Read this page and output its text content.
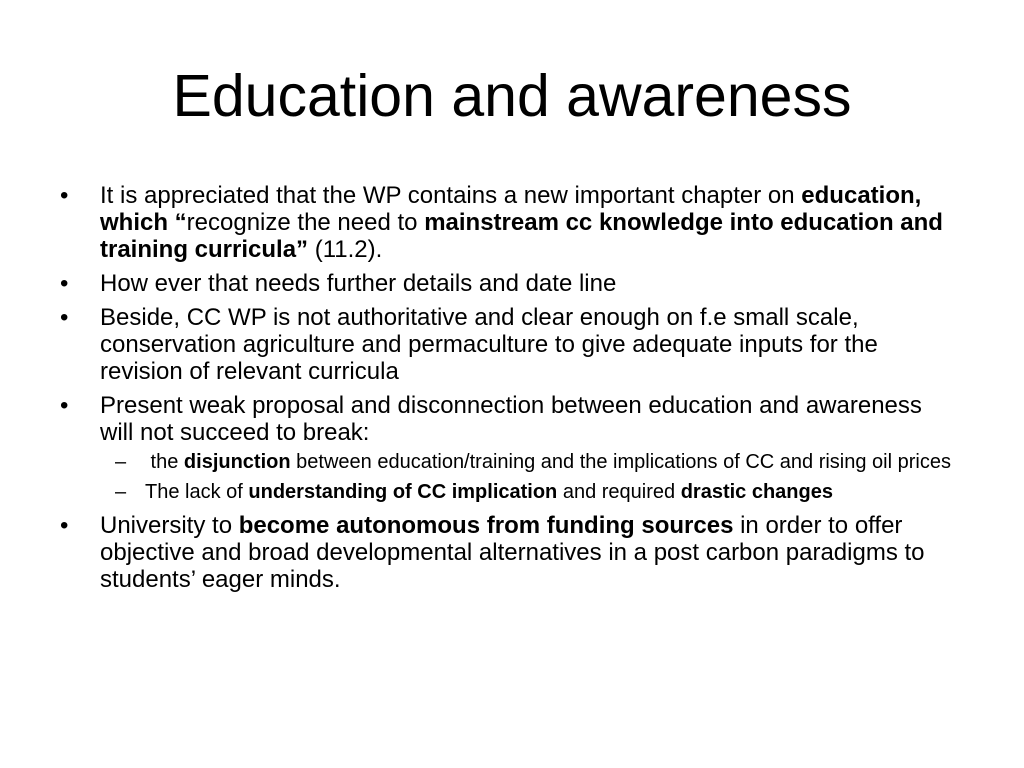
Education and awareness
•	It is appreciated that the WP contains a new important chapter on education, which “recognize the need to mainstream cc knowledge into education and training curricula” (11.2).
•	How ever that needs further details and date line
•	Beside, CC WP is not authoritative and clear enough on f.e small scale, conservation agriculture and permaculture to give adequate inputs for the revision of relevant curricula
•	Present weak proposal and disconnection between education and awareness will not succeed to break:
– the disjunction between education/training and the implications of CC and rising oil prices
– The lack of understanding of CC implication and required drastic changes
•	University to become autonomous from funding sources in order to offer objective and broad developmental alternatives in a post carbon paradigms to students’ eager minds.
